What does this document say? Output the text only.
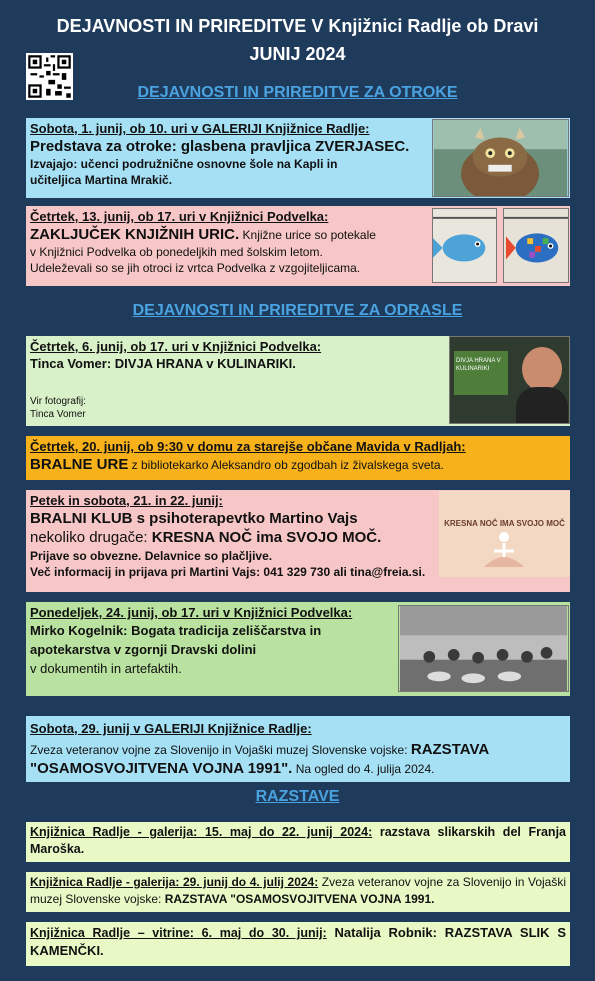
DEJAVNOSTI IN PRIREDITVE V Knjižnici Radlje ob Dravi
JUNIJ 2024
DEJAVNOSTI IN PRIREDITVE ZA OTROKE
Sobota, 1. junij, ob 10. uri v GALERIJI Knjižnice Radlje:
Predstava za otroke: glasbena pravljica ZVERJASEC.
Izvajajo: učenci podružnične osnovne šole na Kapli in
učiteljica Martina Mrakič.
Četrtek, 13. junij, ob 17. uri v Knjižnici Podvelka:
ZAKLJUČEK KNJIŽNIH URIC. Knjižne urice so potekale
v Knjižnici Podvelka ob ponedeljkih med šolskim letom.
Udeleževali so se jih otroci iz vrtca Podvelka z vzgojiteljicama.
DEJAVNOSTI IN PRIREDITVE ZA ODRASLE
Četrtek, 6. junij, ob 17. uri v Knjižnici Podvelka:
Tinca Vomer: DIVJA HRANA v KULINARIKI.
Vir fotografij:
Tinca Vomer
DIVJA HRANA V
KULINARIKI
Četrtek, 20. junij, ob 9:30 v domu za starejše občane Mavida v Radljah:
BRALNE URE z bibliotekarko Aleksandro ob zgodbah iz živalskega sveta.
Petek in sobota, 21. in 22. junij:
BRALNI KLUB s psihoterapevtko Martino Vajs
nekoliko drugače: KRESNA NOČ ima SVOJO MOČ.
Prijave so obvezne. Delavnice so plačljive.
Več informacij in prijava pri Martini Vajs: 041 329 730 ali tina@freia.si.
KRESNA NOČ IMA SVOJO MOČ
Ponedeljek, 24. junij, ob 17. uri v Knjižnici Podvelka:
Mirko Kogelnik: Bogata tradicija zeliščarstva in
apotekarstva v zgornji Dravski dolini
v dokumentih in artefaktih.
Sobota, 29. junij v GALERIJI Knjižnice Radlje:
Zveza veteranov vojne za Slovenijo in Vojaški muzej Slovenske vojske: RAZSTAVA
"OSAMOSVOJITVENA VOJNA 1991". Na ogled do 4. julija 2024.
RAZSTAVE
Knjižnica Radlje - galerija: 15. maj do 22. junij 2024: razstava slikarskih del Franja Maroška.
Knjižnica Radlje - galerija: 29. junij do 4. julij 2024: Zveza veteranov vojne za Slovenijo in Vojaški muzej Slovenske vojske: RAZSTAVA "OSAMOSVOJITVENA VOJNA 1991.
Knjižnica Radlje – vitrine: 6. maj do 30. junij: Natalija Robnik: RAZSTAVA SLIK S KAMENČKI.
